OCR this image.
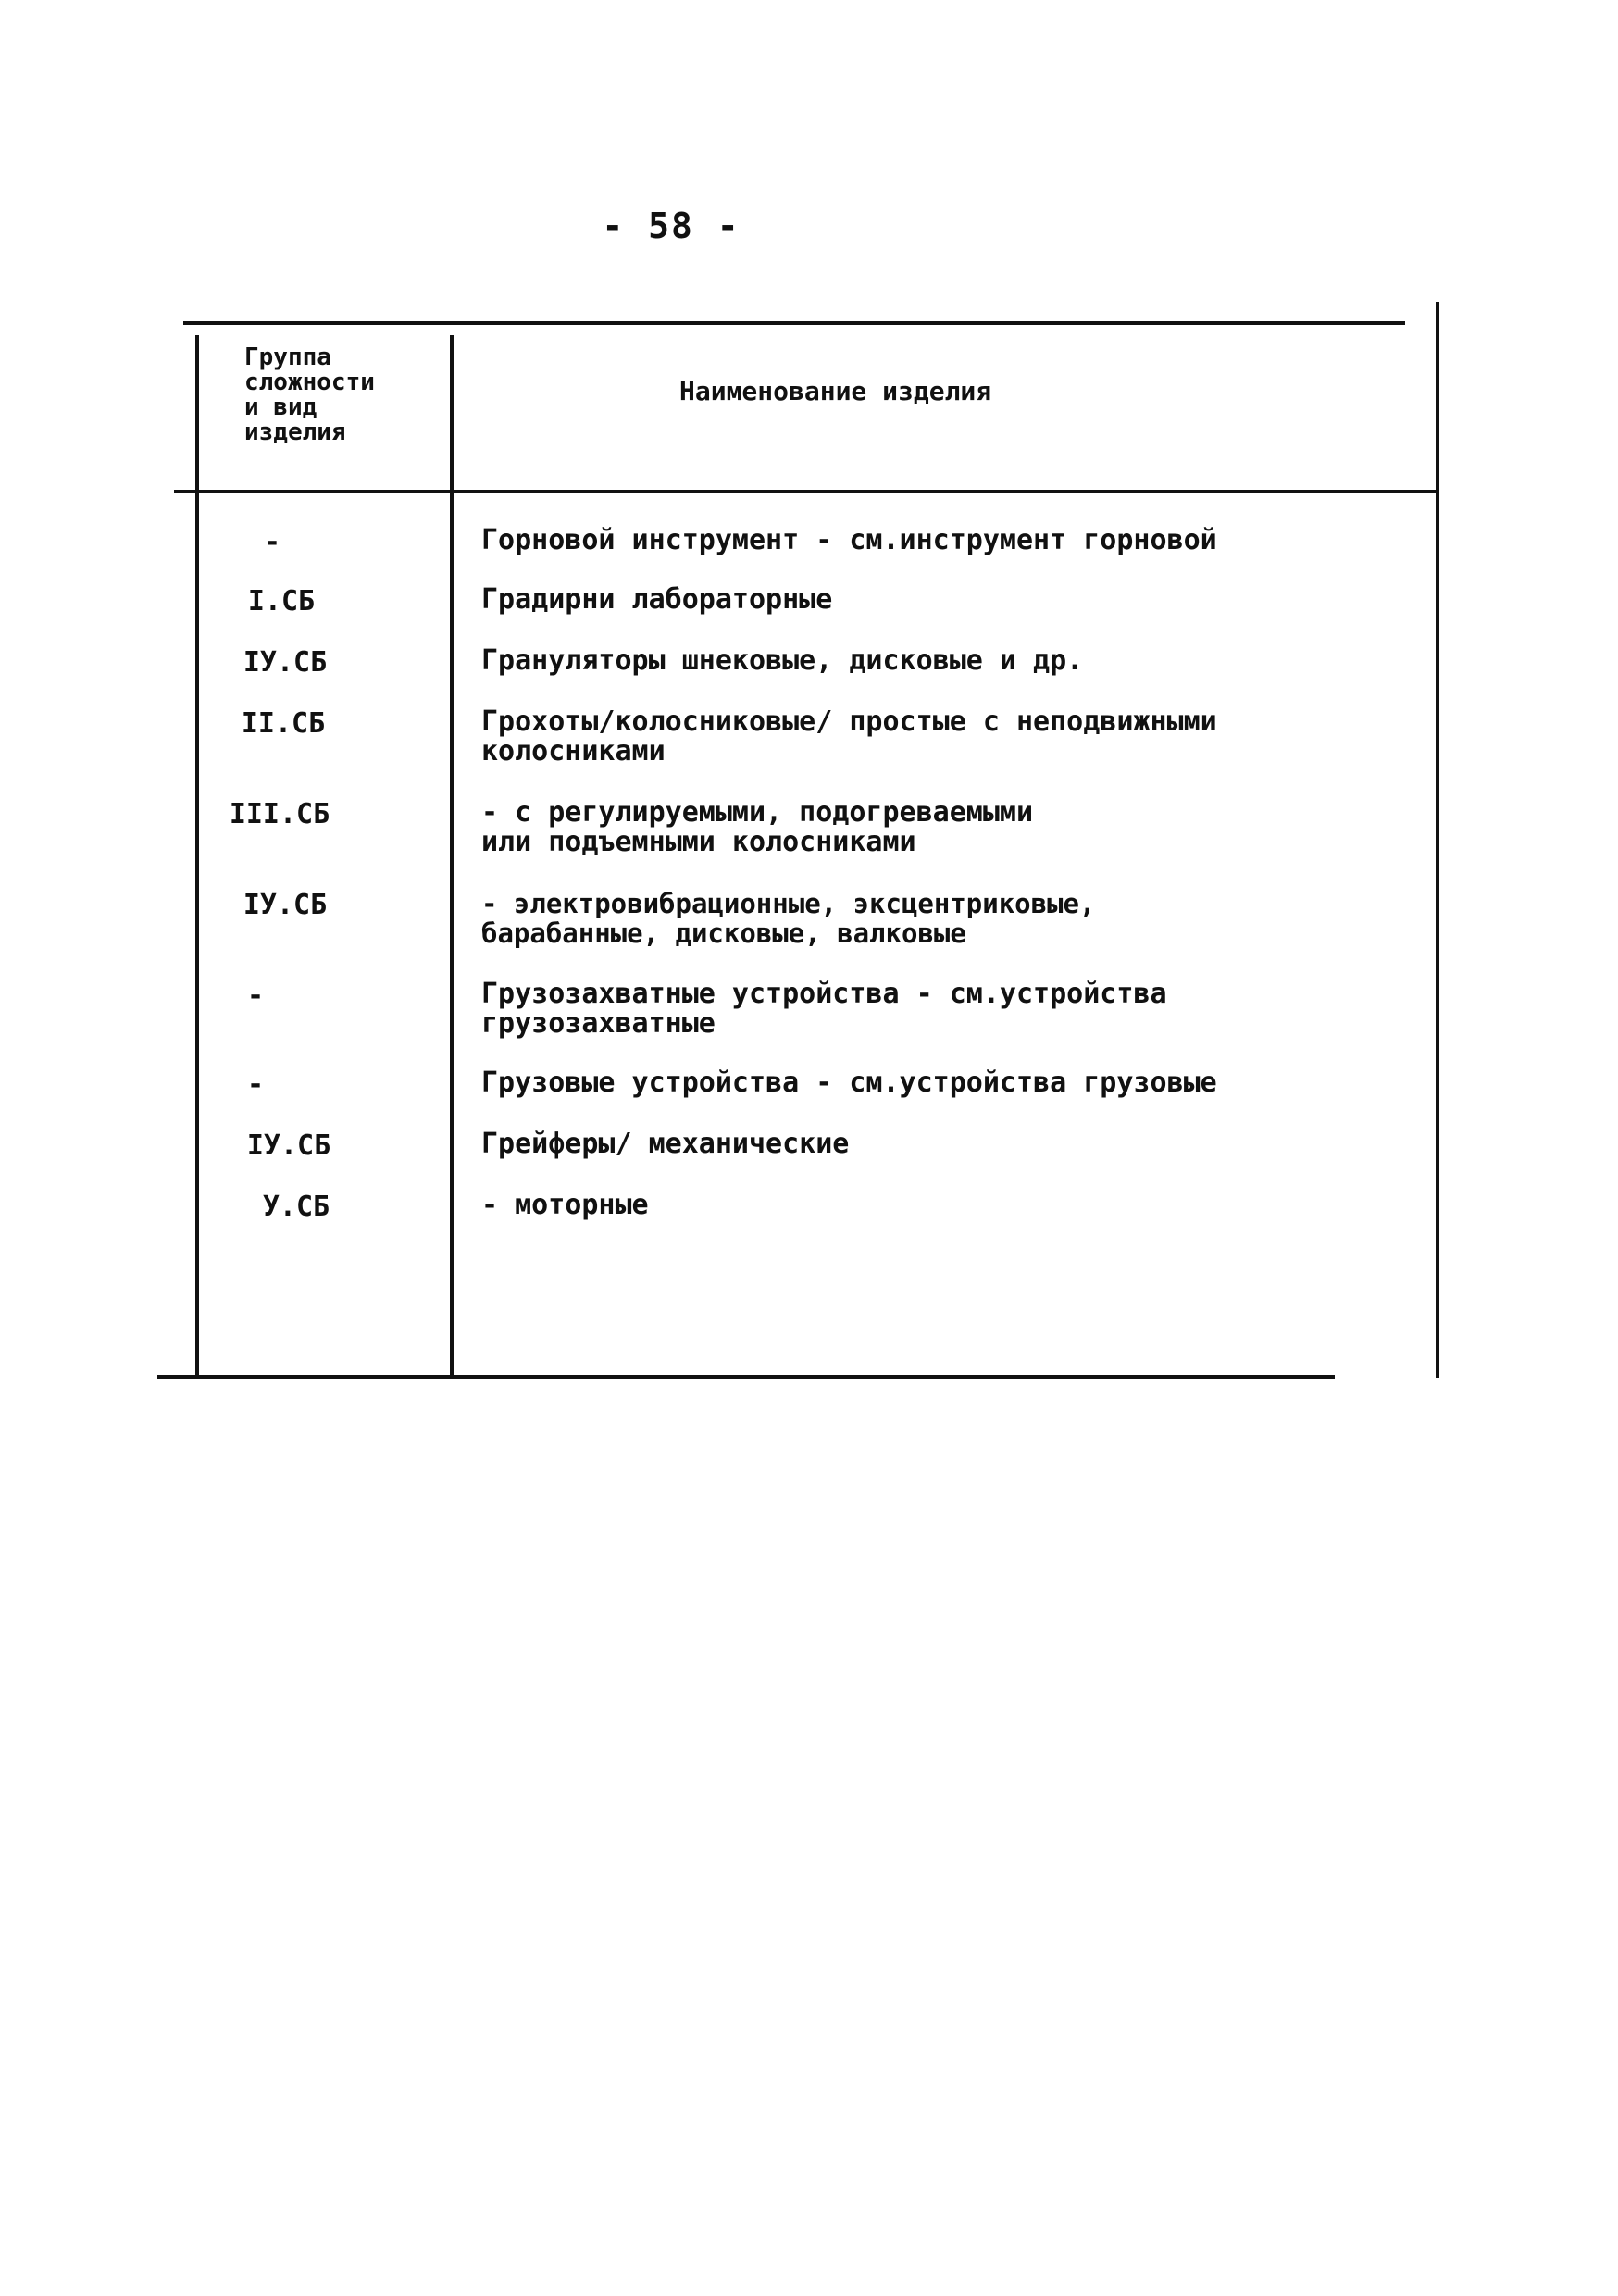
- 58 -
Группа
сложности
и вид
изделия
Наименование изделия
-
I.СБ
IУ.СБ
II.СБ
III.СБ
IУ.СБ
-
-
IУ.СБ
У.СБ
Горновой инструмент - см.инструмент горновой
Градирни лабораторные
Грануляторы шнековые, дисковые и др.
Грохоты/колосниковые/ простые с неподвижными
колосниками
- с регулируемыми, подогреваемыми
или подъемными колосниками
- электровибрационные, эксцентриковые,
барабанные, дисковые, валковые
Грузозахватные устройства - см.устройства
грузозахватные
Грузовые устройства - см.устройства грузовые
Грейферы/ механические
- моторные
